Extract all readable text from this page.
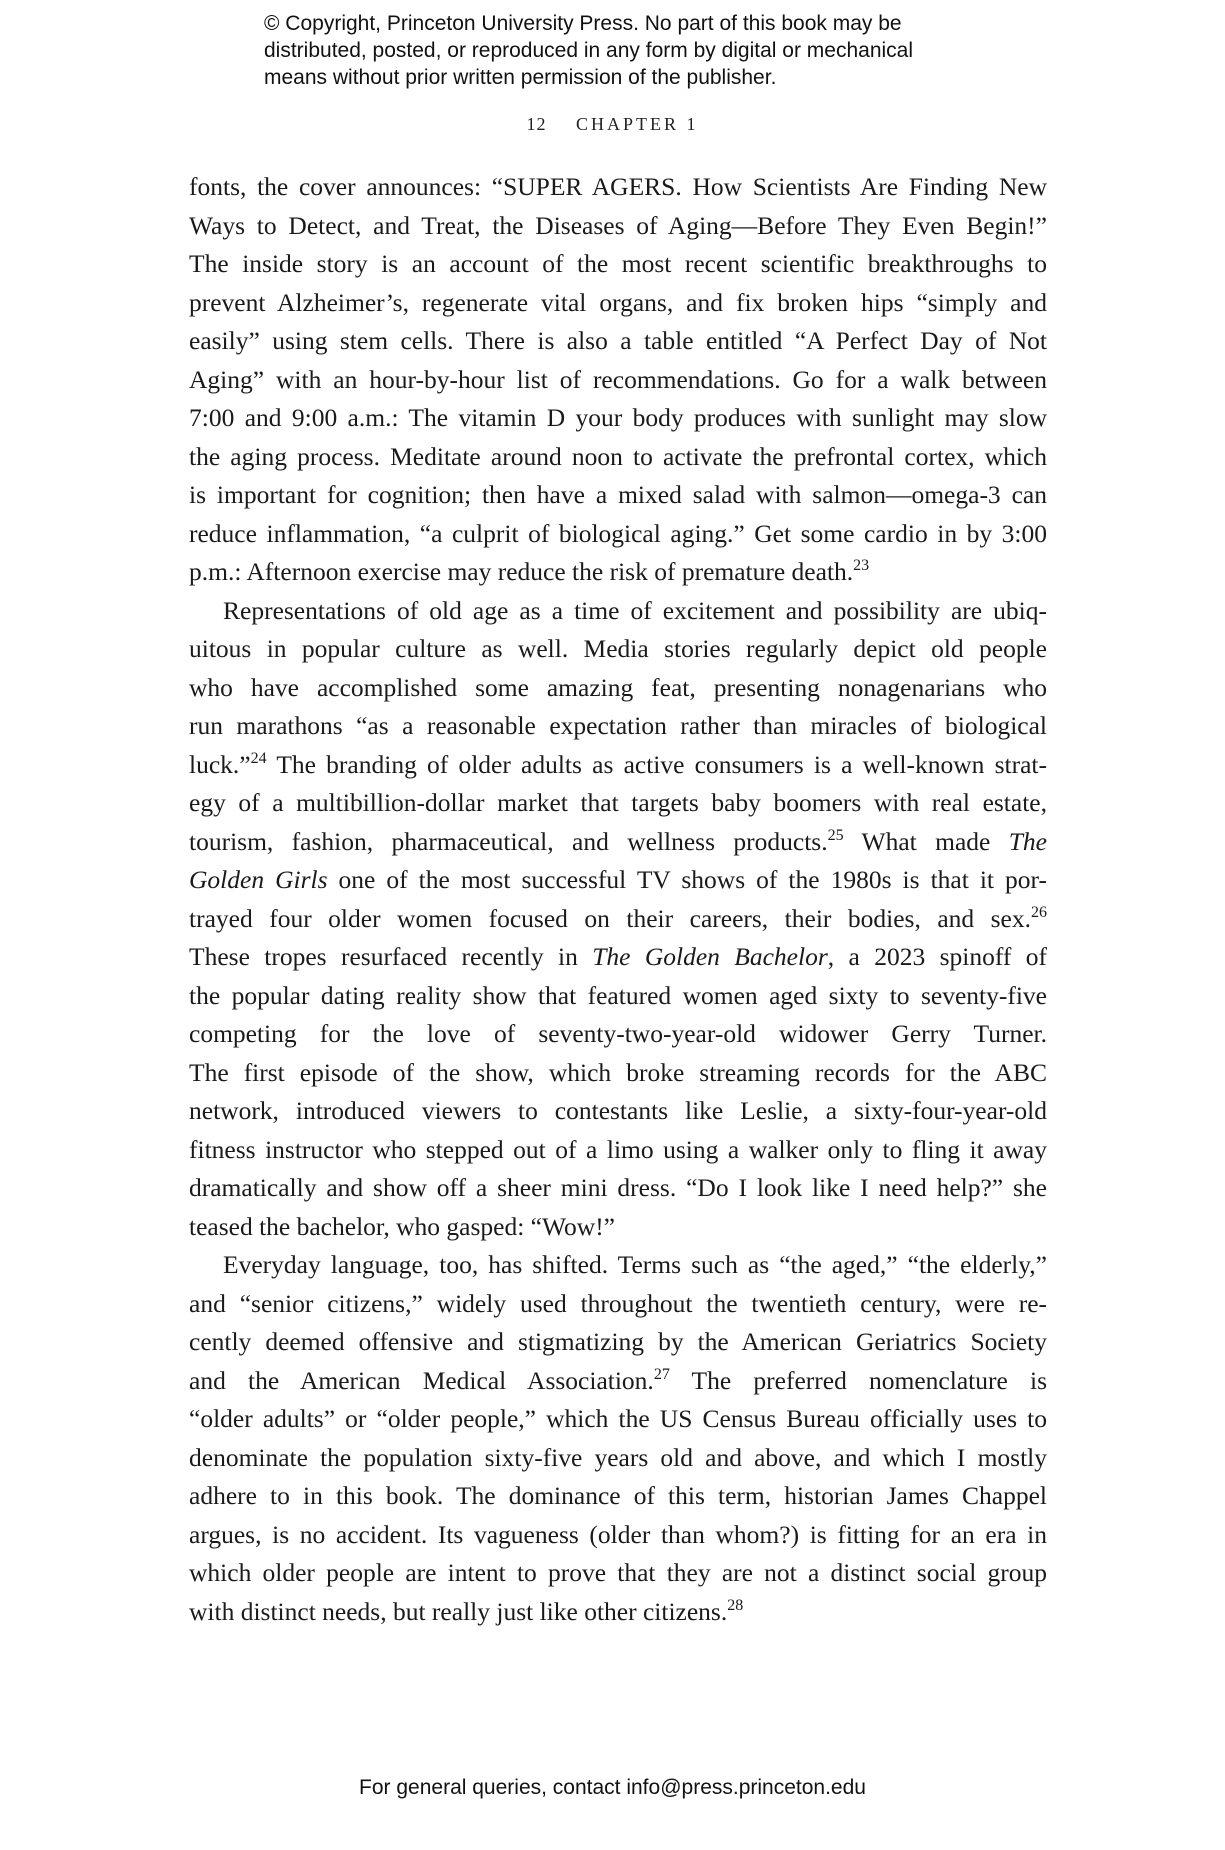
© Copyright, Princeton University Press. No part of this book may be
distributed, posted, or reproduced in any form by digital or mechanical
means without prior written permission of the publisher.
12 CHAPTER 1
fonts, the cover announces: “SUPER AGERS. How Scientists Are Finding New
Ways to Detect, and Treat, the Diseases of Aging—Before They Even Begin!”
The inside story is an account of the most recent scientific breakthroughs to
prevent Alzheimer’s, regenerate vital organs, and fix broken hips “simply and
easily” using stem cells. There is also a table entitled “A Perfect Day of Not
Aging” with an hour-by-hour list of recommendations. Go for a walk between
7:00 and 9:00 a.m.: The vitamin D your body produces with sunlight may slow
the aging process. Meditate around noon to activate the prefrontal cortex, which
is important for cognition; then have a mixed salad with salmon—omega-3 can
reduce inflammation, “a culprit of biological aging.” Get some cardio in by 3:00
p.m.: Afternoon exercise may reduce the risk of premature death.$^{23}$
Representations of old age as a time of excitement and possibility are ubiq-
uitous in popular culture as well. Media stories regularly depict old people
who have accomplished some amazing feat, presenting nonagenarians who
run marathons “as a reasonable expectation rather than miracles of biological
luck.”$^{24}$ The branding of older adults as active consumers is a well-known strat-
egy of a multibillion-dollar market that targets baby boomers with real estate,
tourism, fashion, pharmaceutical, and wellness products.$^{25}$ What made The
Golden Girls one of the most successful TV shows of the 1980s is that it por-
trayed four older women focused on their careers, their bodies, and sex.$^{26}$
These tropes resurfaced recently in The Golden Bachelor, a 2023 spinoff of
the popular dating reality show that featured women aged sixty to seventy-five
competing for the love of seventy-two-year-old widower Gerry Turner.
The first episode of the show, which broke streaming records for the ABC
network, introduced viewers to contestants like Leslie, a sixty-four-year-old
fitness instructor who stepped out of a limo using a walker only to fling it away
dramatically and show off a sheer mini dress. “Do I look like I need help?” she
teased the bachelor, who gasped: “Wow!”
Everyday language, too, has shifted. Terms such as “the aged,” “the elderly,”
and “senior citizens,” widely used throughout the twentieth century, were re-
cently deemed offensive and stigmatizing by the American Geriatrics Society
and the American Medical Association.$^{27}$ The preferred nomenclature is
“older adults” or “older people,” which the US Census Bureau officially uses to
denominate the population sixty-five years old and above, and which I mostly
adhere to in this book. The dominance of this term, historian James Chappel
argues, is no accident. Its vagueness (older than whom?) is fitting for an era in
which older people are intent to prove that they are not a distinct social group
with distinct needs, but really just like other citizens.$^{28}$
For general queries, contact info@press.princeton.edu
